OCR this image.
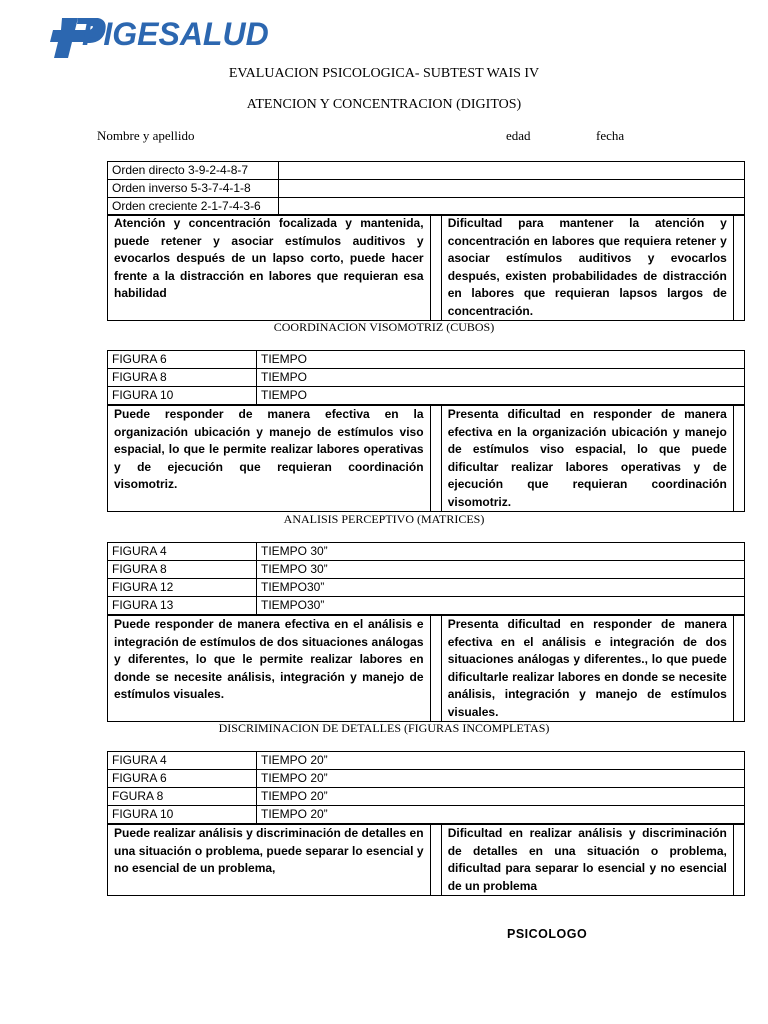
PIGESALUD
EVALUACION PSICOLOGICA- SUBTEST WAIS IV
ATENCION Y CONCENTRACION (DIGITOS)
Nombre y apellido	edad	fecha
Orden directo 3-9-2-4-8-7	
Orden inverso 5-3-7-4-1-8	
Orden creciente 2-1-7-4-3-6	
Atención y concentración focalizada y mantenida, puede retener y asociar estímulos auditivos y evocarlos después de un lapso corto, puede hacer frente a la distracción en labores que requieran esa habilidad		Dificultad para mantener la atención y concentración en labores que requiera retener y asociar estímulos auditivos y evocarlos después, existen probabilidades de distracción en labores que requieran lapsos largos de concentración.	
COORDINACION VISOMOTRIZ (CUBOS)
FIGURA 6	TIEMPO
FIGURA 8	TIEMPO
FIGURA 10	TIEMPO
Puede responder de manera efectiva en la organización ubicación y manejo de estímulos viso espacial, lo que le permite realizar labores operativas y de ejecución que requieran coordinación visomotriz.		Presenta dificultad en responder de manera efectiva en la organización ubicación y manejo de estímulos viso espacial, lo que puede dificultar realizar labores operativas y de ejecución que requieran coordinación visomotriz.	
ANALISIS PERCEPTIVO (MATRICES)
FIGURA 4	TIEMPO 30”
FIGURA 8	TIEMPO 30”
FIGURA 12	TIEMPO30”
FIGURA 13	TIEMPO30”
Puede responder de manera efectiva en el análisis e integración de estímulos de dos situaciones análogas y diferentes, lo que le permite realizar labores en donde se necesite análisis, integración y manejo de estímulos visuales.		Presenta dificultad en responder de manera efectiva en el análisis e integración de dos situaciones análogas y diferentes., lo que puede dificultarle realizar labores en donde se necesite análisis, integración y manejo de estímulos visuales.	
DISCRIMINACION DE DETALLES (FIGURAS INCOMPLETAS)
FIGURA 4	TIEMPO 20”
FIGURA 6	TIEMPO 20”
FGURA 8	TIEMPO 20”
FIGURA 10	TIEMPO 20”
Puede realizar análisis y discriminación de detalles en una situación o problema, puede separar lo esencial y no esencial de un problema,		Dificultad en realizar análisis y discriminación de detalles en una situación o problema, dificultad para separar lo esencial y no esencial de un problema	
PSICOLOGO
